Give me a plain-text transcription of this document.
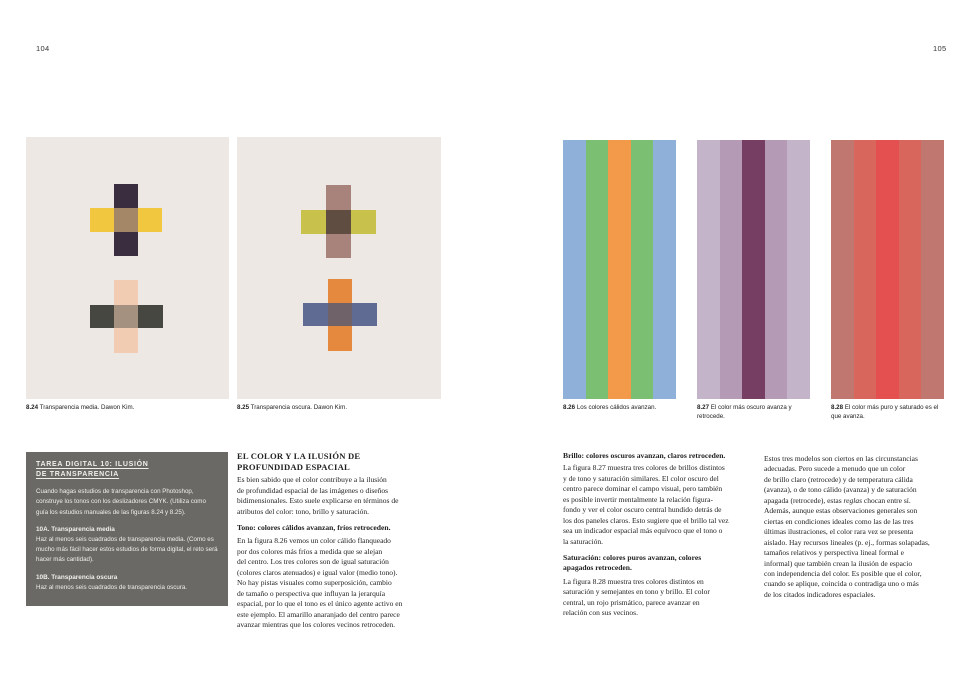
104	105
8.24 Transparencia media. Dawon Kim.	8.25 Transparencia oscura. Dawon Kim.	8.26 Los colores cálidos avanzan.	8.27 El color más oscuro avanza y retrocede.
8.28 El color más puro y saturado es el que avanza.
TAREA DIGITAL 10: ILUSIÓN
DE TRANSPARENCIA

Cuando hagas estudios de transparencia con Photoshop, construye los tonos con los deslizadores CMYK. (Utiliza como guía los estudios manuales de las figuras 8.24 y 8.25).

10A. Transparencia media

Haz al menos seis cuadrados de transparencia media. (Como es mucho más fácil hacer estos estudios de forma digital, el reto será hacer más cantidad).

10B. Transparencia oscura

Haz al menos seis cuadrados de transparencia oscura.

EL COLOR Y LA ILUSIÓN DE
PROFUNDIDAD ESPACIAL
Es bien sabido que el color contribuye a la ilusión
de profundidad espacial de las imágenes o diseños
bidimensionales. Esto suele explicarse en términos de
atributos del color: tono, brillo y saturación.
Tono: colores cálidos avanzan, fríos retroceden.
En la figura 8.26 vemos un color cálido flanqueado
por dos colores más fríos a medida que se alejan
del centro. Los tres colores son de igual saturación
(colores claros atenuados) e igual valor (medio tono).
No hay pistas visuales como superposición, cambio
de tamaño o perspectiva que influyan la jerarquía
espacial, por lo que el tono es el único agente activo en
este ejemplo. El amarillo anaranjado del centro parece
avanzar mientras que los colores vecinos retroceden.
Brillo: colores oscuros avanzan, claros retroceden.
La figura 8.27 muestra tres colores de brillos distintos
y de tono y saturación similares. El color oscuro del
centro parece dominar el campo visual, pero también
es posible invertir mentalmente la relación figura-
fondo y ver el color oscuro central hundido detrás de
los dos paneles claros. Esto sugiere que el brillo tal vez
sea un indicador espacial más equívoco que el tono o
la saturación.
Saturación: colores puros avanzan, colores
apagados retroceden.
La figura 8.28 muestra tres colores distintos en
saturación y semejantes en tono y brillo. El color
central, un rojo prismático, parece avanzar en
relación con sus vecinos.
Estos tres modelos son ciertos en las circunstancias
adecuadas. Pero sucede a menudo que un color
de brillo claro (retrocede) y de temperatura cálida
(avanza), o de tono cálido (avanza) y de saturación
apagada (retrocede), estas reglas chocan entre sí.
Además, aunque estas observaciones generales son
ciertas en condiciones ideales como las de las tres
últimas ilustraciones, el color rara vez se presenta
aislado. Hay recursos lineales (p. ej., formas solapadas,
tamaños relativos y perspectiva lineal formal e
informal) que también crean la ilusión de espacio
con independencia del color. Es posible que el color,
cuando se aplique, coincida o contradiga uno o más
de los citados indicadores espaciales.
